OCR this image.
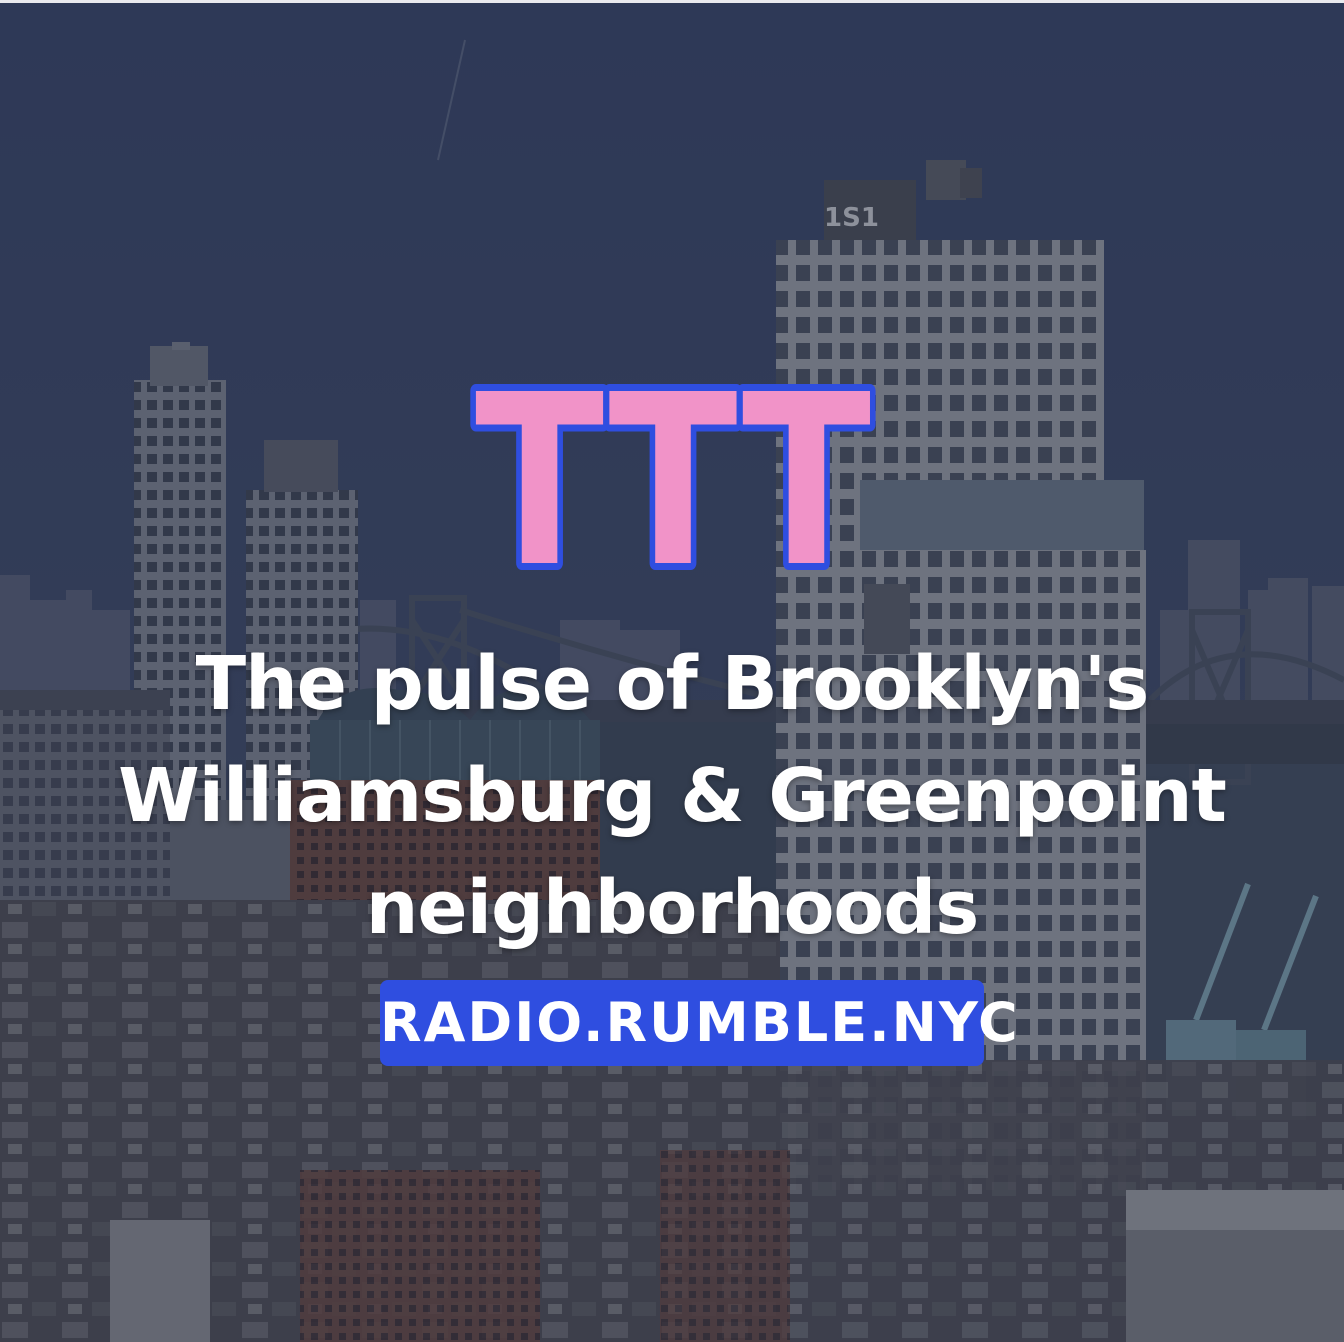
1S1
TTT
The pulse of Brooklyn's
Williamsburg & Greenpoint
neighborhoods
RADIO.RUMBLE.NYC
